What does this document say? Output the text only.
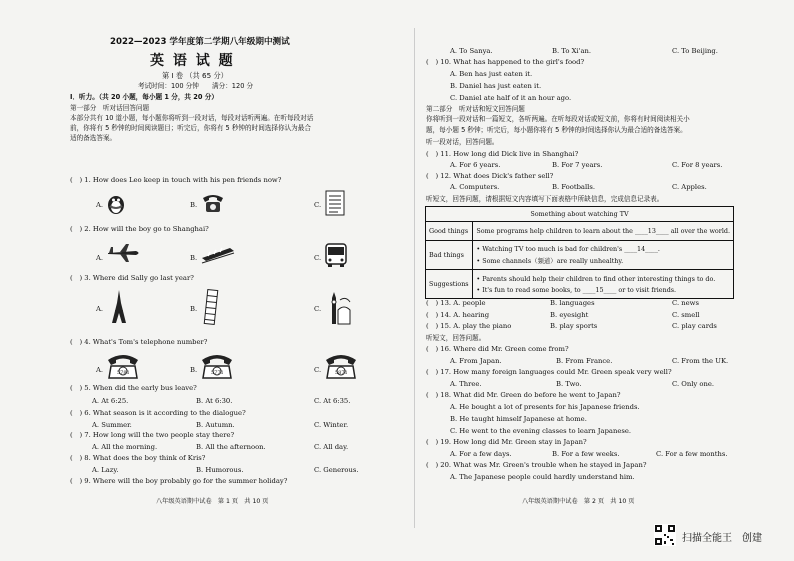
2022—2023 学年度第二学期八年级期中测试
英 语 试 题
第 I 卷 （共 65 分）
考试时间：100 分钟　　满分：120 分
I．听力。（共 20 小题，每小题 1 分，共 20 分）
第一部分　听对话回答问题
本部分共有 10 道小题，每小题你将听到一段对话，每段对话听两遍。在听每段对话
前，你将有 5 秒钟的时间阅读题目；听完后，你将有 5 秒钟的时间选择你认为最合
适的备选答案。
(　) 1. How does Leo keep in touch with his pen friends now?
A.	B.	C.
(　) 2. How will the boy go to Shanghai?
A.	B.	C.
(　) 3. Where did Sally go last year?
A.	B.	C.
(　) 4. What's Tom's telephone number?
A.	5781	B.	5771	C.	5871
(　) 5. When did the early bus leave?
A. At 6:25.	B. At 6:30.	C. At 6:35.
(　) 6. What season is it according to the dialogue?
A. Summer.	B. Autumn.	C. Winter.
(　) 7. How long will the two people stay there?
A. All the morning.	B. All the afternoon.	C. All day.
(　) 8. What does the boy think of Kris?
A. Lazy.	B. Humorous.	C. Generous.
(　) 9. Where will the boy probably go for the summer holiday?
八年级英语期中试卷　第 1 页　共 10 页
A. To Sanya.	B. To Xi'an.	C. To Beijing.
(　) 10. What has happened to the girl's food?
A. Ben has just eaten it.
B. Daniel has just eaten it.
C. Daniel ate half of it an hour ago.
第二部分　听对话和短文回答问题
你将听到一段对话和一篇短文，各听两遍。在听每段对话或短文前，你将有时间阅读相关小
题，每小题 5 秒钟；听完后，每小题你将有 5 秒钟的时间选择你认为最合适的备选答案。
听一段对话，回答问题。
(　) 11. How long did Dick live in Shanghai?
A. For 6 years.	B. For 7 years.	C. For 8 years.
(　) 12. What does Dick's father sell?
A. Computers.	B. Footballs.	C. Apples.
听短文，回答问题，请根据短文内容填写下面表格中所缺信息，完成信息记录表。
Something about watching TV	
Good things	Some programs help children to learn about the ____13____ all over the world.
Bad things	• Watching TV too much is bad for children's ____14____.
• Some channels（频道）are really unhealthy.

Suggestions	• Parents should help their children to find other interesting things to do.
• It's fun to read some books, to ____15____ or to visit friends.
(　) 13. A. people	B. languages	C. news
(　) 14. A. hearing	B. eyesight	C. smell
(　) 15. A. play the piano	B. play sports	C. play cards
听短文，回答问题。
(　) 16. Where did Mr. Green come from?
A. From Japan.	B. From France.	C. From the UK.
(　) 17. How many foreign languages could Mr. Green speak very well?
A. Three.	B. Two.	C. Only one.
(　) 18. What did Mr. Green do before he went to Japan?
A. He bought a lot of presents for his Japanese friends.
B. He taught himself Japanese at home.
C. He went to the evening classes to learn Japanese.
(　) 19. How long did Mr. Green stay in Japan?
A. For a few days.	B. For a few weeks.	C. For a few months.
(　) 20. What was Mr. Green's trouble when he stayed in Japan?
A. The Japanese people could hardly understand him.
八年级英语期中试卷　第 2 页　共 10 页
扫描全能王　创建
